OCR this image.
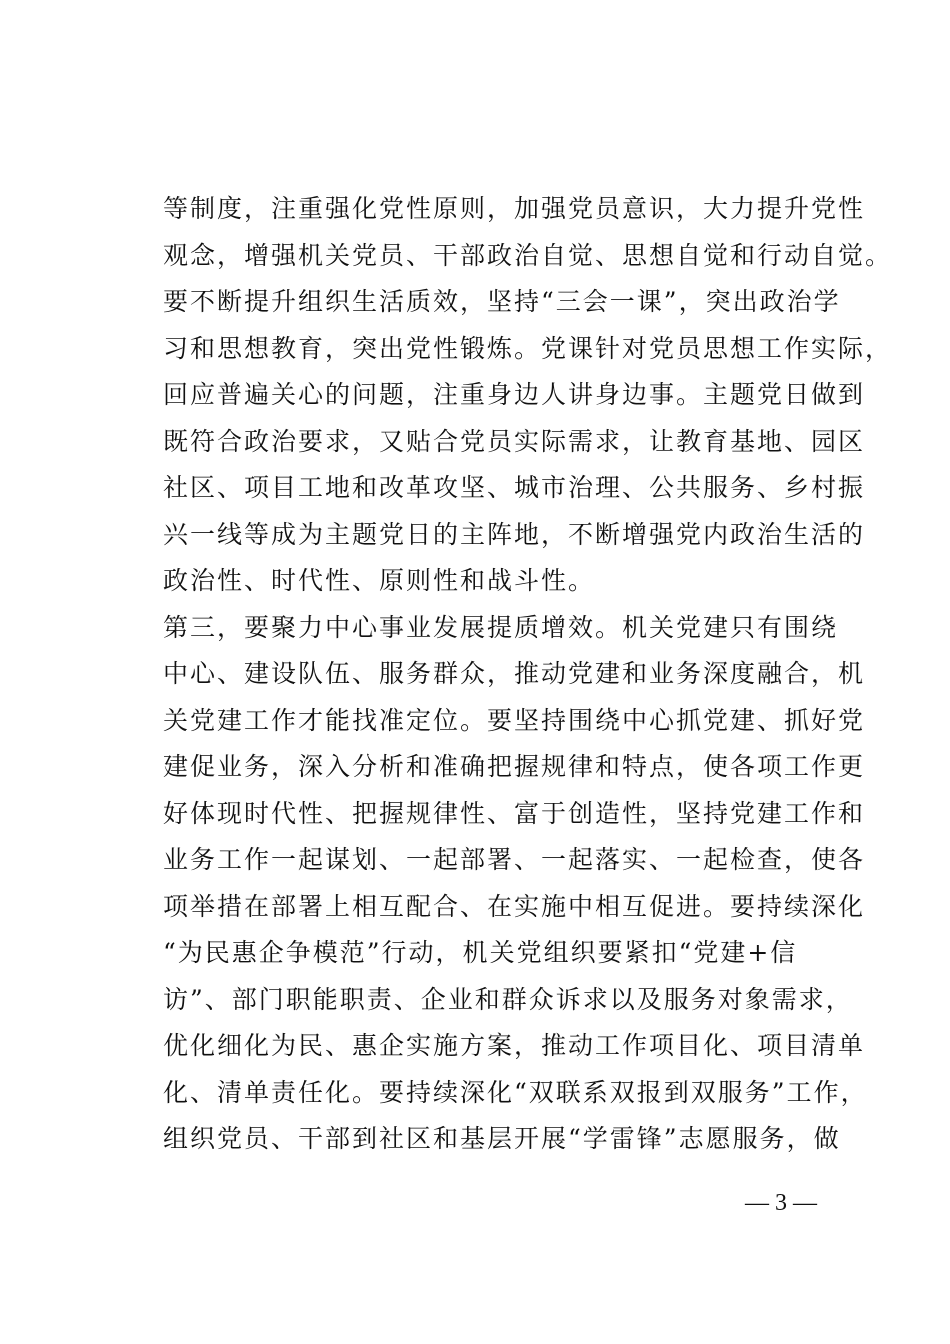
等制度，注重强化党性原则，加强党员意识，大力提升党性
观念，增强机关党员、干部政治自觉、思想自觉和行动自觉。
要不断提升组织生活质效，坚持“三会一课”，突出政治学
习和思想教育，突出党性锻炼。党课针对党员思想工作实际，
回应普遍关心的问题，注重身边人讲身边事。主题党日做到
既符合政治要求，又贴合党员实际需求，让教育基地、园区
社区、项目工地和改革攻坚、城市治理、公共服务、乡村振
兴一线等成为主题党日的主阵地，不断增强党内政治生活的
政治性、时代性、原则性和战斗性。
第三，要聚力中心事业发展提质增效。机关党建只有围绕
中心、建设队伍、服务群众，推动党建和业务深度融合，机
关党建工作才能找准定位。要坚持围绕中心抓党建、抓好党
建促业务，深入分析和准确把握规律和特点，使各项工作更
好体现时代性、把握规律性、富于创造性，坚持党建工作和
业务工作一起谋划、一起部署、一起落实、一起检查，使各
项举措在部署上相互配合、在实施中相互促进。要持续深化
“为民惠企争模范”行动，机关党组织要紧扣“党建+信
访”、部门职能职责、企业和群众诉求以及服务对象需求，
优化细化为民、惠企实施方案，推动工作项目化、项目清单
化、清单责任化。要持续深化“双联系双报到双服务”工作，
组织党员、干部到社区和基层开展“学雷锋”志愿服务，做
— 3 —
